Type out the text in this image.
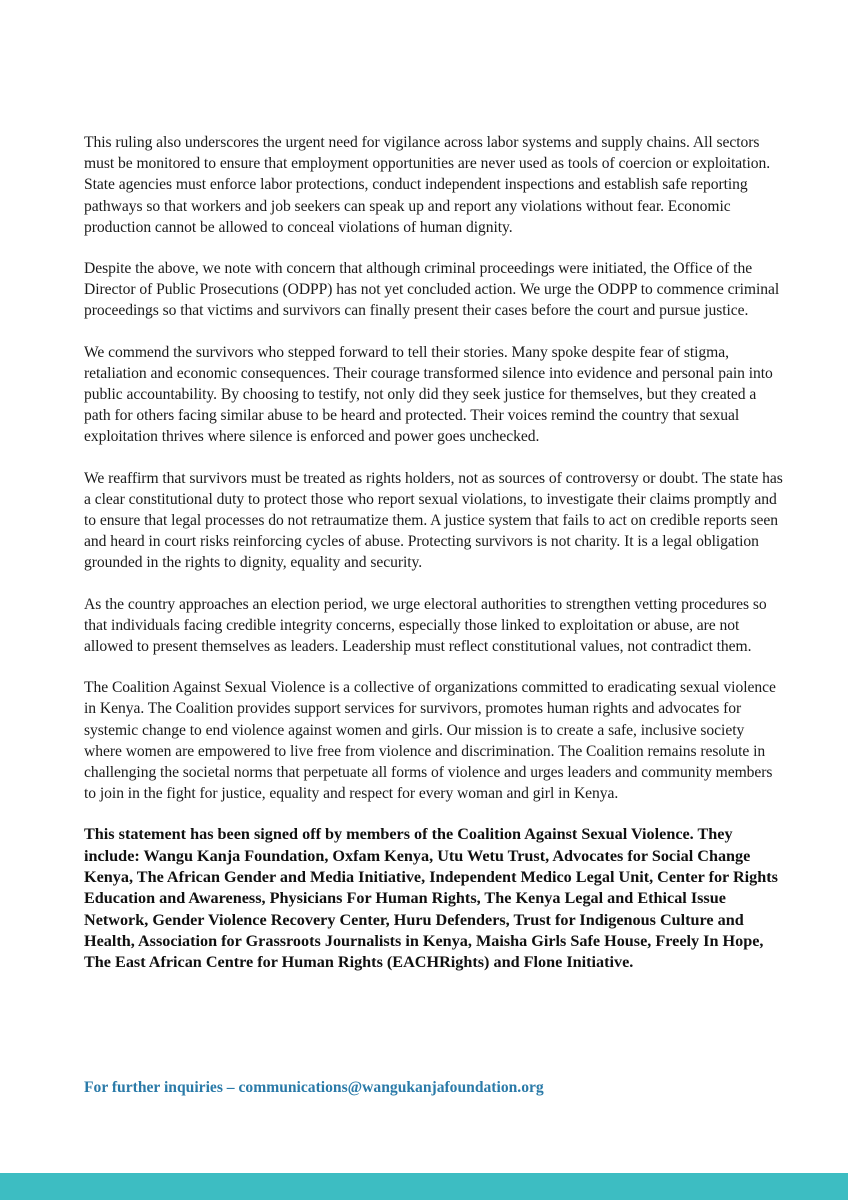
This ruling also underscores the urgent need for vigilance across labor systems and supply chains. All sectors must be monitored to ensure that employment opportunities are never used as tools of coercion or exploitation. State agencies must enforce labor protections, conduct independent inspections and establish safe reporting pathways so that workers and job seekers can speak up and report any violations without fear. Economic production cannot be allowed to conceal violations of human dignity.

Despite the above, we note with concern that although criminal proceedings were initiated, the Office of the Director of Public Prosecutions (ODPP) has not yet concluded action. We urge the ODPP to commence criminal proceedings so that victims and survivors can finally present their cases before the court and pursue justice.

We commend the survivors who stepped forward to tell their stories. Many spoke despite fear of stigma, retaliation and economic consequences. Their courage transformed silence into evidence and personal pain into public accountability. By choosing to testify, not only did they seek justice for themselves, but they created a path for others facing similar abuse to be heard and protected. Their voices remind the country that sexual exploitation thrives where silence is enforced and power goes unchecked.

We reaffirm that survivors must be treated as rights holders, not as sources of controversy or doubt. The state has a clear constitutional duty to protect those who report sexual violations, to investigate their claims promptly and to ensure that legal processes do not retraumatize them. A justice system that fails to act on credible reports seen and heard in court risks reinforcing cycles of abuse. Protecting survivors is not charity. It is a legal obligation grounded in the rights to dignity, equality and security.

As the country approaches an election period, we urge electoral authorities to strengthen vetting procedures so that individuals facing credible integrity concerns, especially those linked to exploitation or abuse, are not allowed to present themselves as leaders. Leadership must reflect constitutional values, not contradict them.

The Coalition Against Sexual Violence is a collective of organizations committed to eradicating sexual violence in Kenya. The Coalition provides support services for survivors, promotes human rights and advocates for systemic change to end violence against women and girls. Our mission is to create a safe, inclusive society where women are empowered to live free from violence and discrimination. The Coalition remains resolute in challenging the societal norms that perpetuate all forms of violence and urges leaders and community members to join in the fight for justice, equality and respect for every woman and girl in Kenya.

This statement has been signed off by members of the Coalition Against Sexual Violence. They include: Wangu Kanja Foundation, Oxfam Kenya, Utu Wetu Trust, Advocates for Social Change Kenya, The African Gender and Media Initiative, Independent Medico Legal Unit, Center for Rights Education and Awareness, Physicians For Human Rights, The Kenya Legal and Ethical Issue Network, Gender Violence Recovery Center, Huru Defenders, Trust for Indigenous Culture and Health, Association for Grassroots Journalists in Kenya, Maisha Girls Safe House, Freely In Hope, The East African Centre for Human Rights (EACHRights) and Flone Initiative.

For further inquiries – communications@wangukanjafoundation.org
